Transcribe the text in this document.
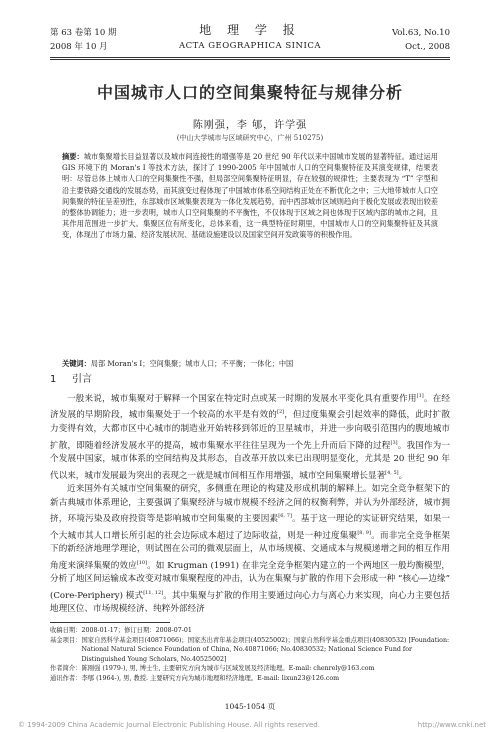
第 63 卷第 10 期
2008 年 10 月
地 理 学 报
ACTA GEOGRAPHICA SINICA
Vol.63, No.10
Oct., 2008
中国城市人口的空间集聚特征与规律分析
陈刚强，李 郇，许学强
(中山大学城市与区域研究中心，广州 510275)
摘要：城市集聚增长目益显著以及城市间连接性的增强等是 20 世纪 90 年代以来中国城市发展的显著特征。通过运用 GIS 环境下的 Moran's I 等技术方法，探讨了 1990-2005 年中国城市人口的空间集聚特征及其演变规律，结果表明：尽管总体上城市人口的空间集聚性不强，但局部空间集聚特征明显，存在较强的规律性；主要表现为 “T” 字型和沿主要铁路交通线的发展态势，而其演变过程体现了中国城市体系空间结构正处在不断优化之中；三大地带城市人口空间集聚的特征呈差别性，东部城市区域集聚表现为一体化发展趋势，而中西部城市区域则趋向于极化发展或表现出较差的整体协调能力；进一步表明，城市人口空间集聚的不平衡性，不仅体现于区域之间也体现于区域内部的城市之间，且其作用范围进一步扩大。集聚区位有所变化，总体来看，这一典型特征时期里，中国城市人口的空间集聚特征及其演变，体现出了市场力量、经济发展状况、基础设施建设以及国家空间开发政策等的积极作用。
关键词：局部 Moran's I；空间集聚；城市人口；不平衡；一体化；中国
1 引言

一般来说，城市集聚对于解释一个国家在特定时点或某一时期的发展水平变化具有重要作用[1]。在经济发展的早期阶段，城市集聚处于一个较高的水平是有效的[2]，但过度集聚会引起效率的降低，此时扩散力变得有效，大都市区中心城市的制造业开始转移到邻近的卫星城市，并进一步向吸引范围内的腹地城市扩散，即随着经济发展水平的提高，城市集聚水平往往呈现为一个先上升而后下降的过程[3]。我国作为一个发展中国家，城市体系的空间结构及其形态，自改革开放以来已出现明显变化，尤其是 20 世纪 90 年代以来，城市发展最为突出的表现之一就是城市间相互作用增强，城市空间集聚增长显著[4, 5]。

近来国外有关城市空间集聚的研究，多侧重在理论的构建及形成机制的解释上。如完全竞争框架下的新古典城市体系理论，主要强调了集聚经济与城市规模不经济之间的权衡利弊，并认为外部经济，城市拥挤，环境污染及政府投资等是影响城市空间集聚的主要因素[6, 7]。基于这一理论的实证研究结果，如果一个大城市其人口增长所引起的社会边际成本超过了边际收益，则是一种过度集聚[8, 9]。而非完全竞争框架下的新经济地理学理论，则试图在公司的微观层面上，从市场规模、交通成本与规模递增之间的相互作用角度来演绎集聚的效应[10]。如 Krugman (1991) 在非完全竞争框架内建立的一个两地区一般均衡模型，分析了地区间运输成本改变对城市集聚程度的冲击，认为在集聚与扩散的作用下会形成一种 “核心—边缘” (Core-Periphery) 模式[11, 12]。其中集聚与扩散的作用主要通过向心力与离心力来实现，向心力主要包括地理区位、市场规模经济、纯粹外部经济

收稿日期： 2008-01-17；修订日期：2008-07-01
基金项目： 国家自然科学基金项目(40871066)；国家杰出青年基金项目(40525002)；国家自然科学基金重点项目(40830532) [Foundation: National Natural Science Foundation of China, No.40871066; No.40830532; National Science Fund for Distinguished Young Scholars, No.40525002]
作者简介： 陈刚强 (1979-), 男, 博士生, 主要研究方向为城市与区域发展及经济地理。E-mail: chenrely@163.com
通讯作者： 李郇 (1964-), 男, 教授. 主要研究方向为城市地理和经济地理。E-mail: lixun23@126.com
1045-1054 页
© 1994-2009 China Academic Journal Electronic Publishing House. All rights reserved.	http://www.cnki.net
